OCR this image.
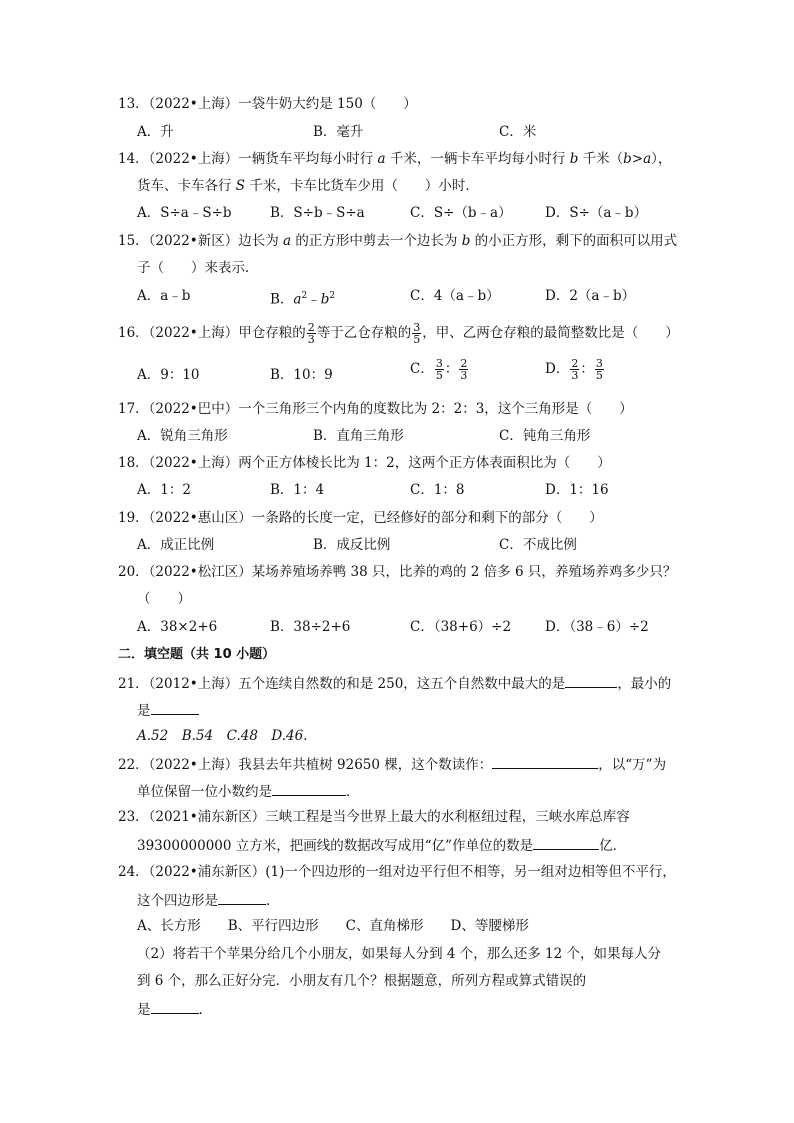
13．（2022•上海）一袋牛奶大约是 150（　　）
A．升	B．毫升	C．米
14．（2022•上海）一辆货车平均每小时行 a 千米，一辆卡车平均每小时行 b 千米（b>a），
货车、卡车各行 S 千米，卡车比货车少用（　　）小时．
A．S÷a﹣S÷b	B．S÷b﹣S÷a	C．S÷（b﹣a） D．S÷（a﹣b）
15．（2022•新区）边长为 a 的正方形中剪去一个边长为 b 的小正方形，剩下的面积可以用式
子（　　）来表示．
A．a﹣b	B．$a^2﹣b^2$	C．4（a﹣b）	D．2（a﹣b）
16．（2022•上海）甲仓存粮的 $\frac{2}{3}$ 等于乙仓存粮的 $\frac{3}{5}$ ，甲、乙两仓存粮的最简整数比是（　　）
A．9：10	B．10：9	C． $\frac{3}{5}$ ： $\frac{2}{3}$	D． $\frac{2}{3}$ ： $\frac{3}{5}$
17．（2022•巴中）一个三角形三个内角的度数比为 2：2：3，这个三角形是（　　）
A．锐角三角形	B．直角三角形	C．钝角三角形
18．（2022•上海）两个正方体棱长比为 1：2，这两个正方体表面积比为（　　）
A．1：2	B．1：4	C．1：8	D．1：16
19．（2022•惠山区）一条路的长度一定，已经修好的部分和剩下的部分（　　）
A．成正比例	B．成反比例	C．不成比例
20．（2022•松江区）某场养殖场养鸭 38 只，比养的鸡的 2 倍多 6 只，养殖场养鸡多少只？
（　　）
A．38×2+6	B．38÷2+6	C．（38+6）÷2	D．（38﹣6）÷2
二．填空题（共 10 小题）
21．（2012•上海）五个连续自然数的和是 250，这五个自然数中最大的是	，最小的
是
A.52　B.54　C.48　D.46.
22．（2022•上海）我县去年共植树 92650 棵，这个数读作：	，以“万”为
单位保留一位小数约是	．
23．（2021•浦东新区）三峡工程是当今世界上最大的水利枢纽过程，三峡水库总库容
39300000000 立方米，把画线的数据改写成用“亿”作单位的数是	亿．
24．（2022•浦东新区）(1)一个四边形的一组对边平行但不相等，另一组对边相等但不平行，
这个四边形是	．
A、长方形　　B、平行四边形　　C、直角梯形　　D、等腰梯形
（2）将若干个苹果分给几个小朋友，如果每人分到 4 个，那么还多 12 个，如果每人分
到 6 个，那么正好分完．小朋友有几个？根据题意，所列方程或算式错误的
是	．
